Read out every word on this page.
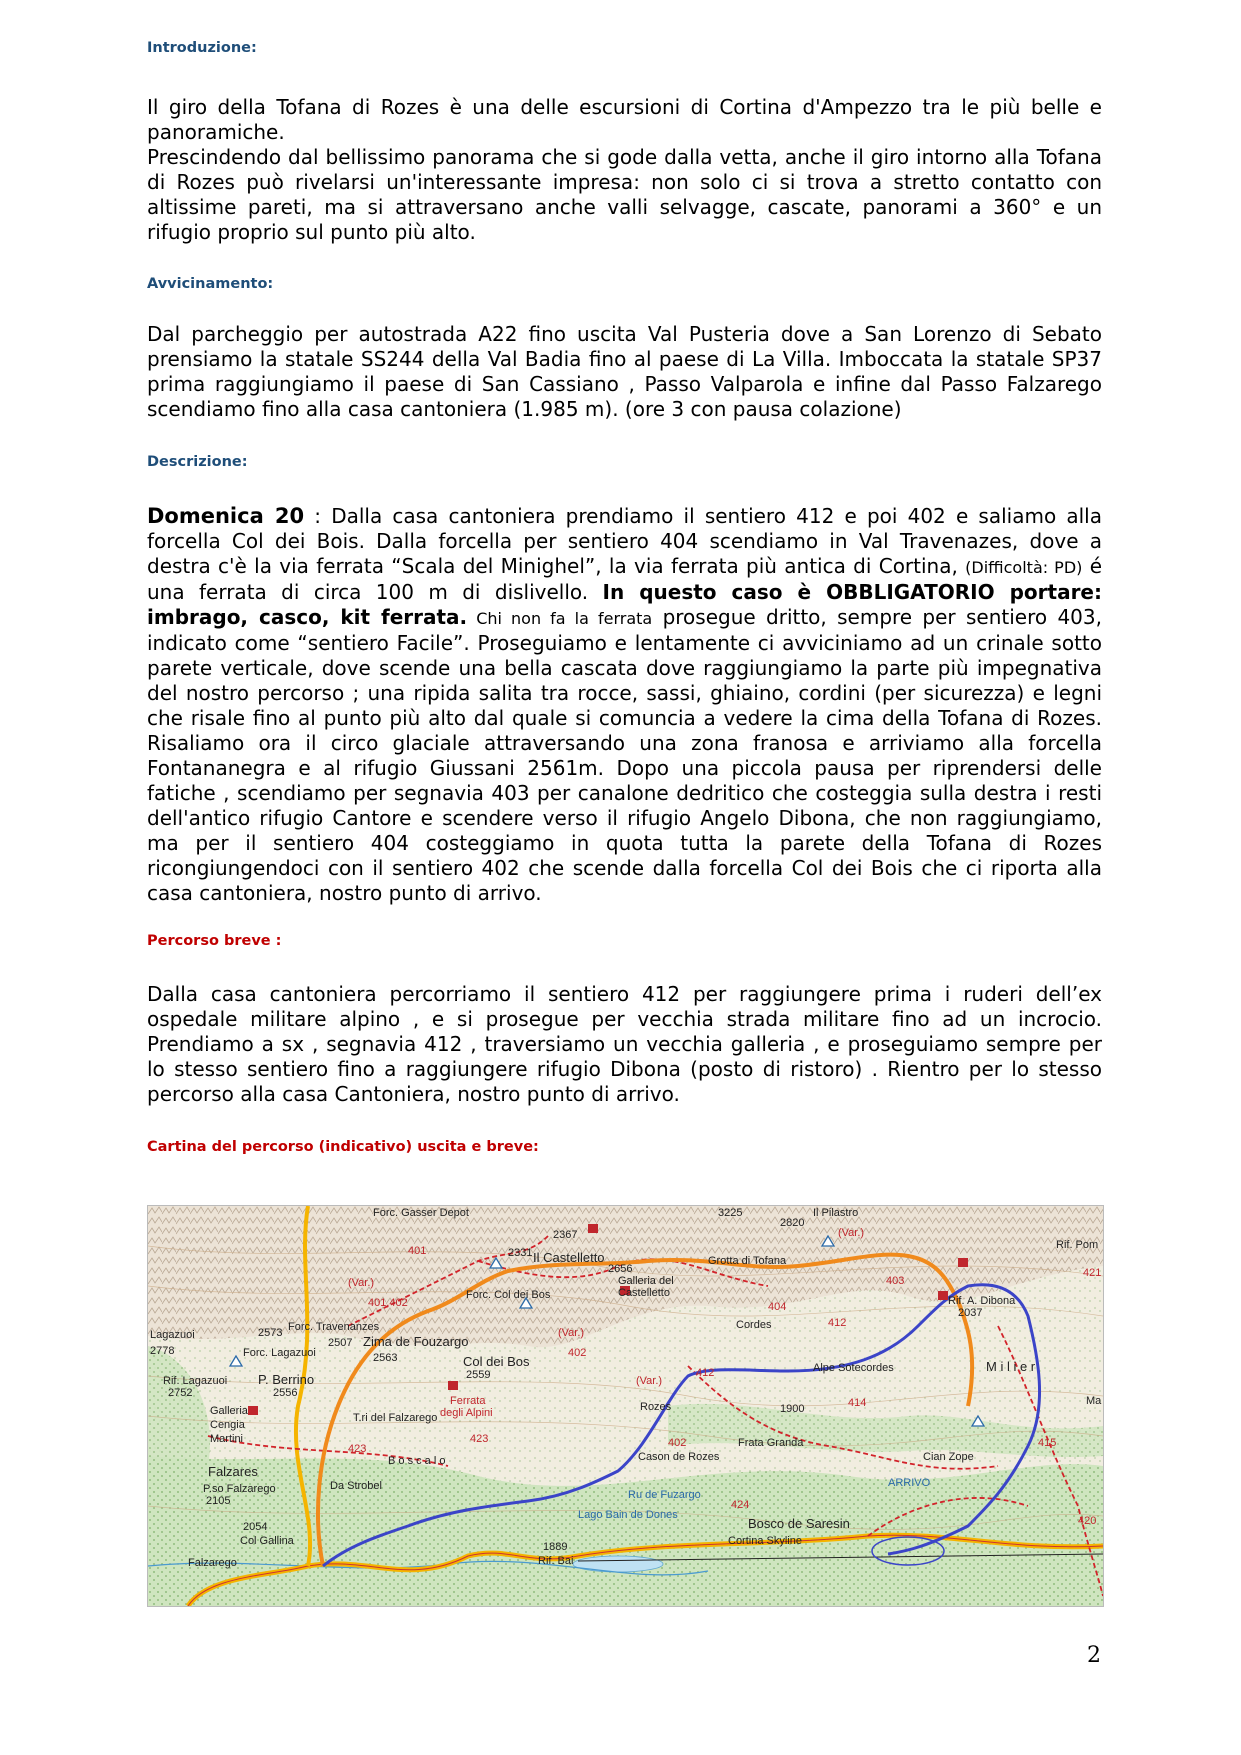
Introduzione:

Il giro della Tofana di Rozes è una delle escursioni di Cortina d'Ampezzo tra le più belle e panoramiche.

Prescindendo dal bellissimo panorama che si gode dalla vetta, anche il giro intorno alla Tofana di Rozes può rivelarsi un'interessante impresa: non solo ci si trova a stretto contatto con altissime pareti, ma si attraversano anche valli selvagge, cascate, panorami a 360° e un rifugio proprio sul punto più alto.

Avvicinamento:

Dal parcheggio per autostrada A22 fino uscita Val Pusteria dove a San Lorenzo di Sebato prensiamo la statale SS244 della Val Badia fino al paese di La Villa. Imboccata la statale SP37 prima raggiungiamo il paese di San Cassiano , Passo Valparola e infine dal Passo Falzarego scendiamo fino alla casa cantoniera (1.985 m). (ore 3 con pausa colazione)

Descrizione:

Domenica 20 : Dalla casa cantoniera prendiamo il sentiero 412 e poi 402 e saliamo alla forcella Col dei Bois. Dalla forcella per sentiero 404 scendiamo in Val Travenazes, dove a destra c'è la via ferrata “Scala del Minighel”, la via ferrata più antica di Cortina, (Difficoltà: PD) é una ferrata di circa 100 m di dislivello. In questo caso è OBBLIGATORIO portare: imbrago, casco, kit ferrata. Chi non fa la ferrata prosegue dritto, sempre per sentiero 403, indicato come “sentiero Facile”. Proseguiamo e lentamente ci avviciniamo ad un crinale sotto parete verticale, dove scende una bella cascata dove raggiungiamo la parte più impegnativa del nostro percorso ; una ripida salita tra rocce, sassi, ghiaino, cordini (per sicurezza) e legni che risale fino al punto più alto dal quale si comuncia a vedere la cima della Tofana di Rozes. Risaliamo ora il circo glaciale attraversando una zona franosa e arriviamo alla forcella Fontananegra e al rifugio Giussani 2561m. Dopo una piccola pausa per riprendersi delle fatiche , scendiamo per segnavia 403 per canalone dedritico che costeggia sulla destra i resti dell'antico rifugio Cantore e scendere verso il rifugio Angelo Dibona, che non raggiungiamo, ma per il sentiero 404 costeggiamo in quota tutta la parete della Tofana di Rozes ricongiungendoci con il sentiero 402 che scende dalla forcella Col dei Bois che ci riporta alla casa cantoniera, nostro punto di arrivo.

Percorso breve :

Dalla casa cantoniera percorriamo il sentiero 412 per raggiungere prima i ruderi dell’ex ospedale militare alpino , e si prosegue per vecchia strada militare fino ad un incrocio. Prendiamo a sx , segnavia 412 , traversiamo un vecchia galleria , e proseguiamo sempre per lo stesso sentiero fino a raggiungere rifugio Dibona (posto di ristoro) . Rientro per lo stesso percorso alla casa Cantoniera, nostro punto di arrivo.

Cartina del percorso (indicativo) uscita e breve:
Forc. Gasser Depot	3225	Il Pilastro
2820
(Var.)
Rif. Pom
2367
Il Castelletto
2656
Grotta di Tofana
Galleria del
Castelletto
2331
403
421
Rif. A. Dibona
2037
(Var.)
401,402
Forc. Col dei Bos
404
412
Cordes
2573 Forc. Travenanzes
2507 Zima de Fouzargo
2563
(Var.)
402
Lagazuoi
Forc. Lagazuoi
Col dei Bos
2559	(Var.)
412	Alpe Sotecordes	M i l i e r
Rif. Lagazuoi
2752
P. Berrino
2556
Ferrata
degli Alpini	Rozes	1900	414
Galleria
Cengia
Martini
T.ri del Falzarego
423
423	Frata Granda
402
Cason de Rozes	Cian Zope
B o s c a l o
Falzares
P.so Falzarego
2105
Da Strobel
Ru de Fuzargo
Lago Bain de Dones
424
Bosco de Saresin
ARRIVO
2054
Col Gallina
Falzarego
1889
Rif. Bai
Cortina Skyline
420
Ma
401
2778
415
2
